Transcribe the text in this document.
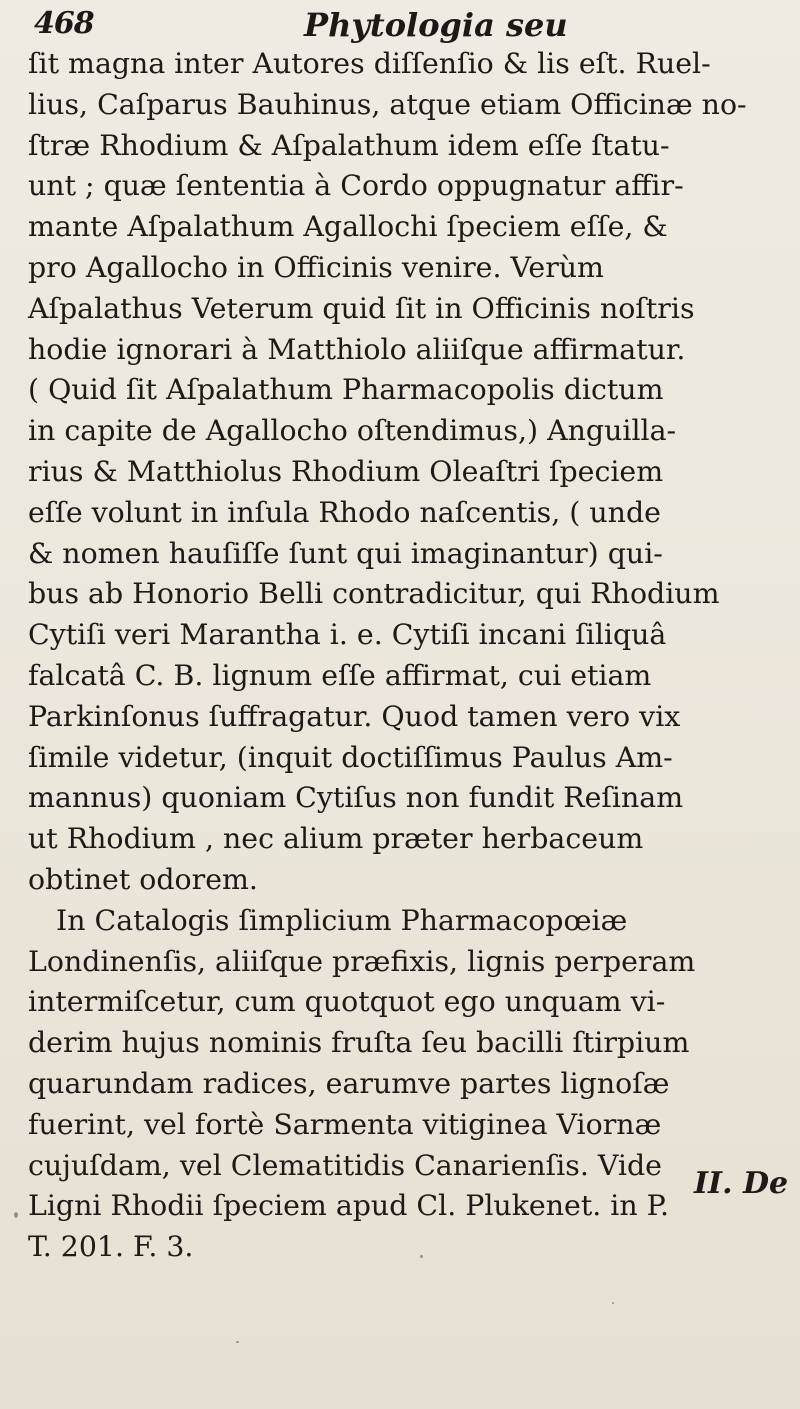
468	Phytologia seu
ſit magna inter Autores diſſenſio & lis eſt. Ruel-
lius, Caſparus Bauhinus, atque etiam Officinæ no-
ſtræ Rhodium & Aſpalathum idem eſſe ſtatu-
unt ; quæ ſententia à Cordo oppugnatur affir-
mante Aſpalathum Agallochi ſpeciem eſſe, &
pro Agallocho in Officinis venire. Verùm
Aſpalathus Veterum quid ſit in Officinis noſtris
hodie ignorari à Matthiolo aliiſque affirmatur.
( Quid ſit Aſpalathum Pharmacopolis dictum
in capite de Agallocho oſtendimus,) Anguilla-
rius & Matthiolus Rhodium Oleaſtri ſpeciem
eſſe volunt in inſula Rhodo naſcentis, ( unde
& nomen hauſiſſe ſunt qui imaginantur) qui-
bus ab Honorio Belli contradicitur, qui Rhodium
Cytiſi veri Marantha i. e. Cytiſi incani ſiliquâ
falcatâ C. B. lignum eſſe affirmat, cui etiam
Parkinſonus ſuffragatur. Quod tamen vero vix
ſimile videtur, (inquit doctiſſimus Paulus Am-
mannus) quoniam Cytiſus non fundit Reſinam
ut Rhodium , nec alium præter herbaceum
obtinet odorem.
In Catalogis ſimplicium Pharmacopœiæ
Londinenſis, aliiſque præfixis, lignis perperam
intermiſcetur, cum quotquot ego unquam vi-
derim hujus nominis fruſta ſeu bacilli ſtirpium
quarundam radices, earumve partes lignoſæ
fuerint, vel fortè Sarmenta vitiginea Viornæ
cujuſdam, vel Clematitidis Canarienſis. Vide
Ligni Rhodii ſpeciem apud Cl. Plukenet. in P.
T. 201. F. 3.
II. De
